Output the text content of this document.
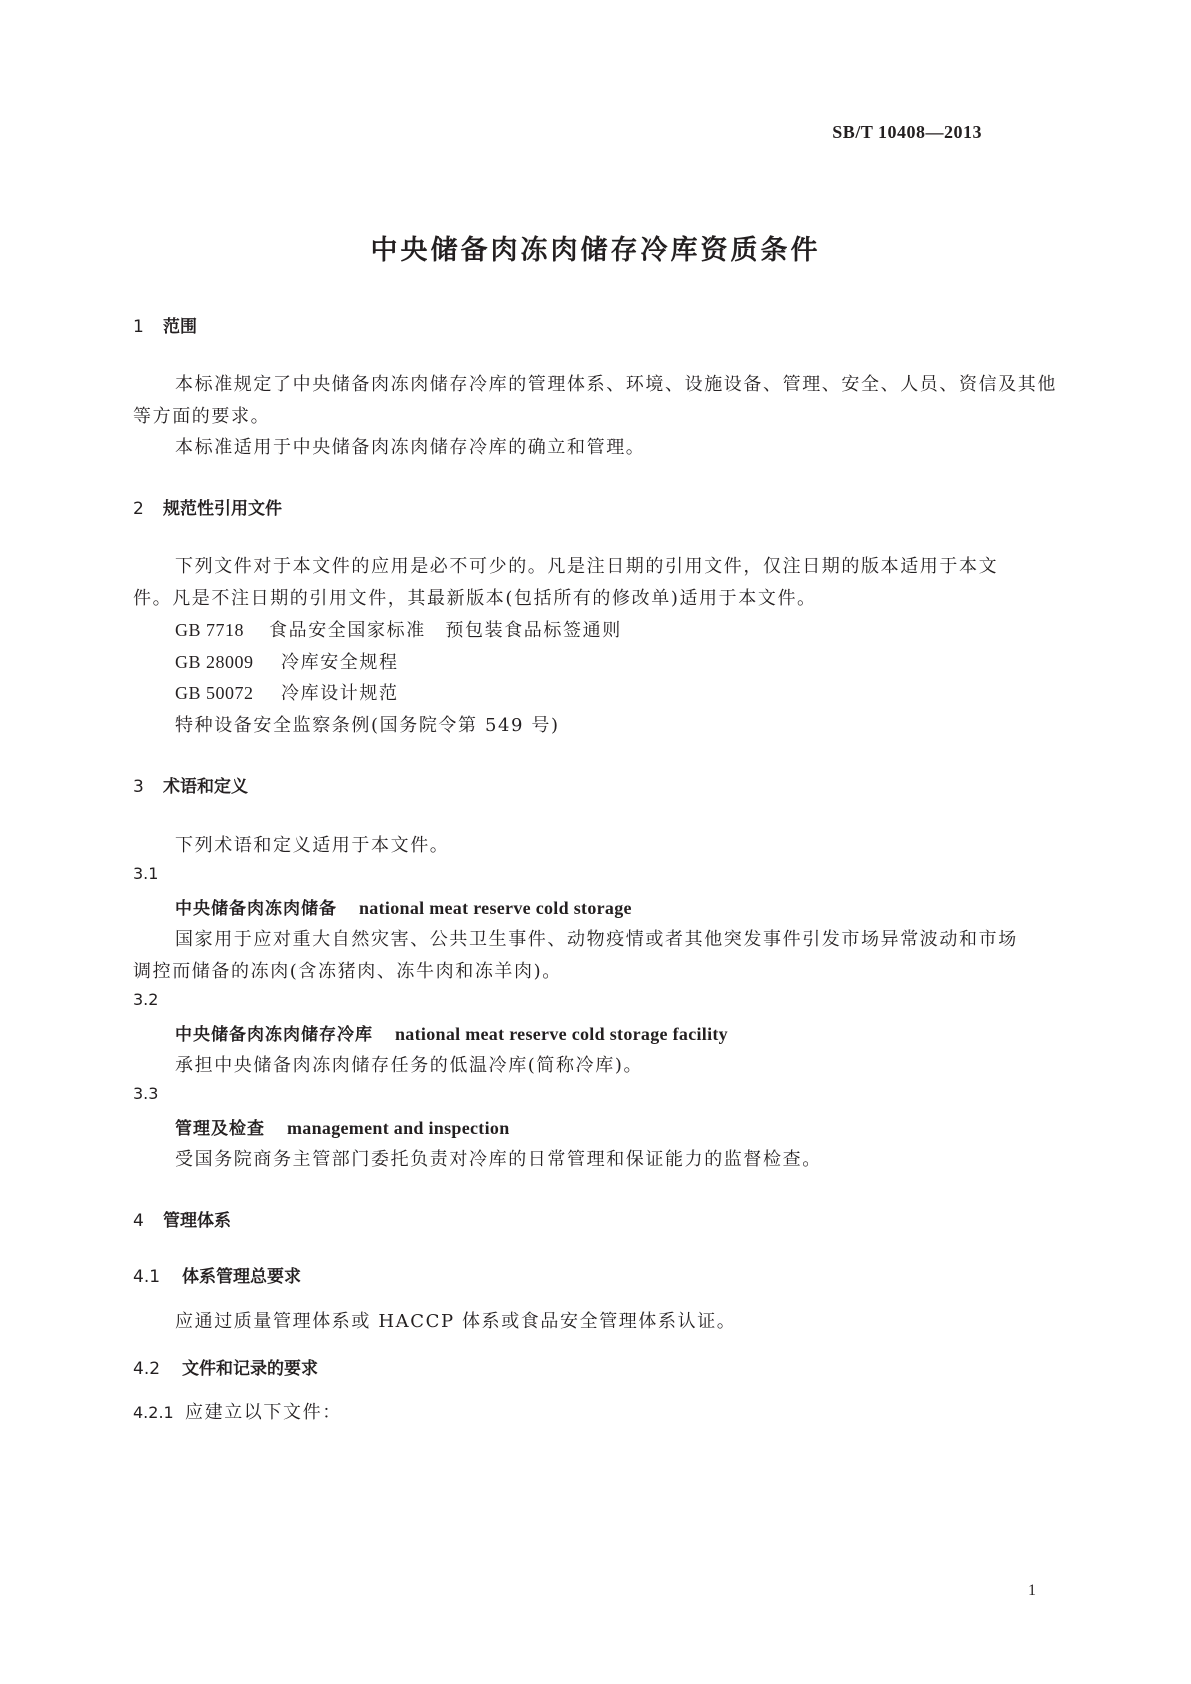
SB/T 10408—2013
中央储备肉冻肉储存冷库资质条件
1 范围
本标准规定了中央储备肉冻肉储存冷库的管理体系、环境、设施设备、管理、安全、人员、资信及其他
等方面的要求。
本标准适用于中央储备肉冻肉储存冷库的确立和管理。
2 规范性引用文件
下列文件对于本文件的应用是必不可少的。凡是注日期的引用文件，仅注日期的版本适用于本文
件。凡是不注日期的引用文件，其最新版本(包括所有的修改单)适用于本文件。
GB 7718 食品安全国家标准　预包装食品标签通则
GB 28009 冷库安全规程
GB 50072 冷库设计规范
特种设备安全监察条例(国务院令第 549 号)
3 术语和定义
下列术语和定义适用于本文件。
3.1
中央储备肉冻肉储备 national meat reserve cold storage
国家用于应对重大自然灾害、公共卫生事件、动物疫情或者其他突发事件引发市场异常波动和市场
调控而储备的冻肉(含冻猪肉、冻牛肉和冻羊肉)。
3.2
中央储备肉冻肉储存冷库 national meat reserve cold storage facility
承担中央储备肉冻肉储存任务的低温冷库(简称冷库)。
3.3
管理及检查 management and inspection
受国务院商务主管部门委托负责对冷库的日常管理和保证能力的监督检查。
4 管理体系
4.1 体系管理总要求
应通过质量管理体系或 HACCP 体系或食品安全管理体系认证。
4.2 文件和记录的要求
4.2.1 应建立以下文件：
1
